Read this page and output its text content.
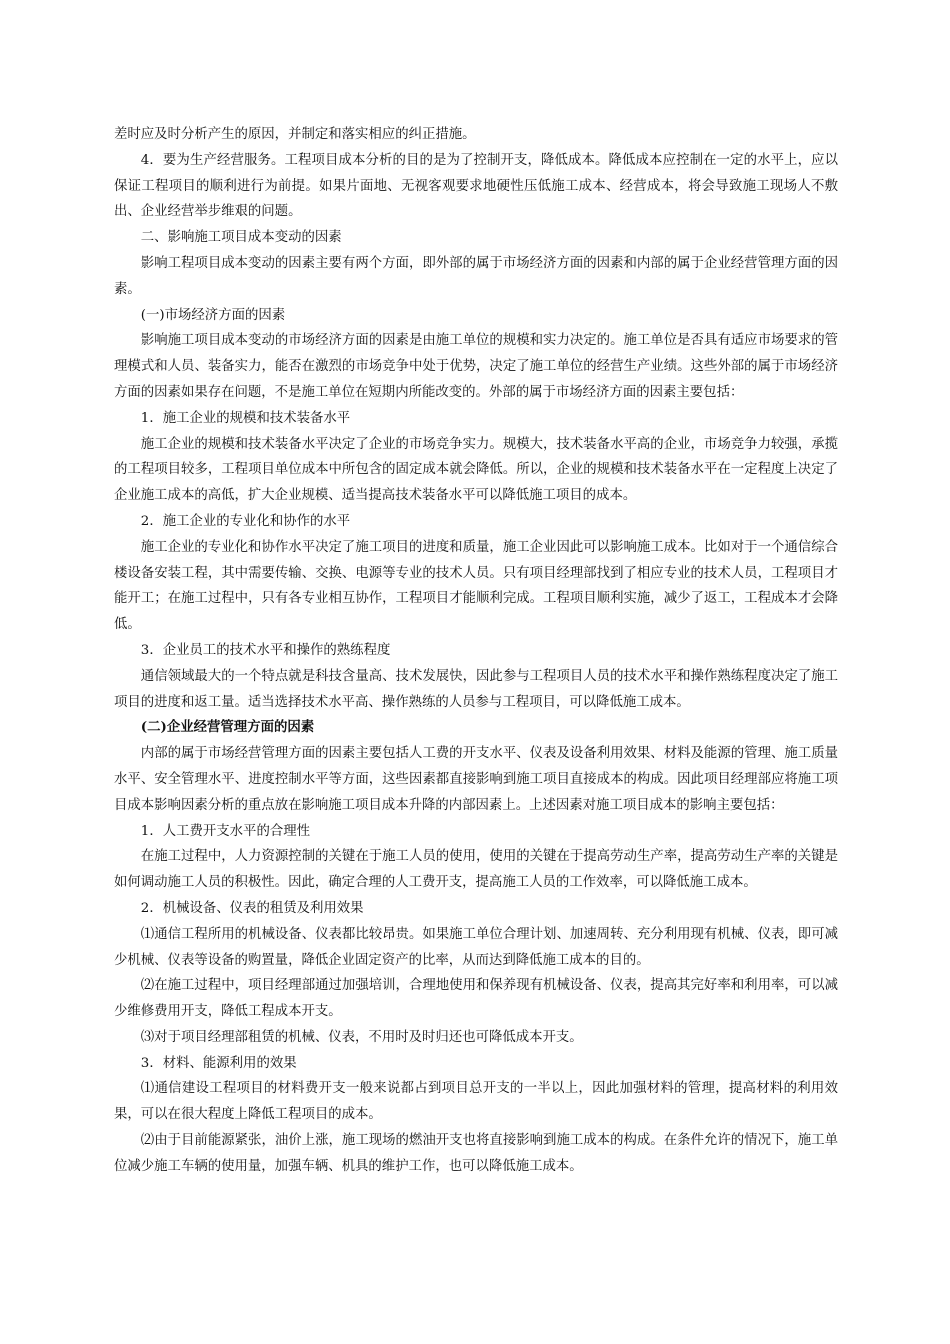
差时应及时分析产生的原因，并制定和落实相应的纠正措施。

4．要为生产经营服务。工程项目成本分析的目的是为了控制开支，降低成本。降低成本应控制在一定的水平上，应以保证工程项目的顺利进行为前提。如果片面地、无视客观要求地硬性压低施工成本、经营成本，将会导致施工现场人不敷出、企业经营举步维艰的问题。

二、影响施工项目成本变动的因素

影响工程项目成本变动的因素主要有两个方面，即外部的属于市场经济方面的因素和内部的属于企业经营管理方面的因素。

(一)市场经济方面的因素

影响施工项目成本变动的市场经济方面的因素是由施工单位的规模和实力决定的。施工单位是否具有适应市场要求的管理模式和人员、装备实力，能否在激烈的市场竞争中处于优势，决定了施工单位的经营生产业绩。这些外部的属于市场经济方面的因素如果存在问题，不是施工单位在短期内所能改变的。外部的属于市场经济方面的因素主要包括：

1．施工企业的规模和技术装备水平

施工企业的规模和技术装备水平决定了企业的市场竞争实力。规模大，技术装备水平高的企业，市场竞争力较强，承揽的工程项目较多，工程项目单位成本中所包含的固定成本就会降低。所以，企业的规模和技术装备水平在一定程度上决定了企业施工成本的高低，扩大企业规模、适当提高技术装备水平可以降低施工项目的成本。

2．施工企业的专业化和协作的水平

施工企业的专业化和协作水平决定了施工项目的进度和质量，施工企业因此可以影响施工成本。比如对于一个通信综合楼设备安装工程，其中需要传输、交换、电源等专业的技术人员。只有项目经理部找到了相应专业的技术人员，工程项目才能开工；在施工过程中，只有各专业相互协作，工程项目才能顺利完成。工程项目顺利实施，减少了返工，工程成本才会降低。

3．企业员工的技术水平和操作的熟练程度

通信领域最大的一个特点就是科技含量高、技术发展快，因此参与工程项目人员的技术水平和操作熟练程度决定了施工项目的进度和返工量。适当选择技术水平高、操作熟练的人员参与工程项目，可以降低施工成本。

(二)企业经营管理方面的因素

内部的属于市场经营管理方面的因素主要包括人工费的开支水平、仪表及设备利用效果、材料及能源的管理、施工质量水平、安全管理水平、进度控制水平等方面，这些因素都直接影响到施工项目直接成本的构成。因此项目经理部应将施工项目成本影响因素分析的重点放在影响施工项目成本升降的内部因素上。上述因素对施工项目成本的影响主要包括：

1．人工费开支水平的合理性

在施工过程中，人力资源控制的关键在于施工人员的使用，使用的关键在于提高劳动生产率，提高劳动生产率的关键是如何调动施工人员的积极性。因此，确定合理的人工费开支，提高施工人员的工作效率，可以降低施工成本。

2．机械设备、仪表的租赁及利用效果

⑴通信工程所用的机械设备、仪表都比较昂贵。如果施工单位合理计划、加速周转、充分利用现有机械、仪表，即可减少机械、仪表等设备的购置量，降低企业固定资产的比率，从而达到降低施工成本的目的。

⑵在施工过程中，项目经理部通过加强培训，合理地使用和保养现有机械设备、仪表，提高其完好率和利用率，可以减少维修费用开支，降低工程成本开支。

⑶对于项目经理部租赁的机械、仪表，不用时及时归还也可降低成本开支。

3．材料、能源利用的效果

⑴通信建设工程项目的材料费开支一般来说都占到项目总开支的一半以上，因此加强材料的管理，提高材料的利用效果，可以在很大程度上降低工程项目的成本。

⑵由于目前能源紧张，油价上涨，施工现场的燃油开支也将直接影响到施工成本的构成。在条件允许的情况下，施工单位减少施工车辆的使用量，加强车辆、机具的维护工作，也可以降低施工成本。
